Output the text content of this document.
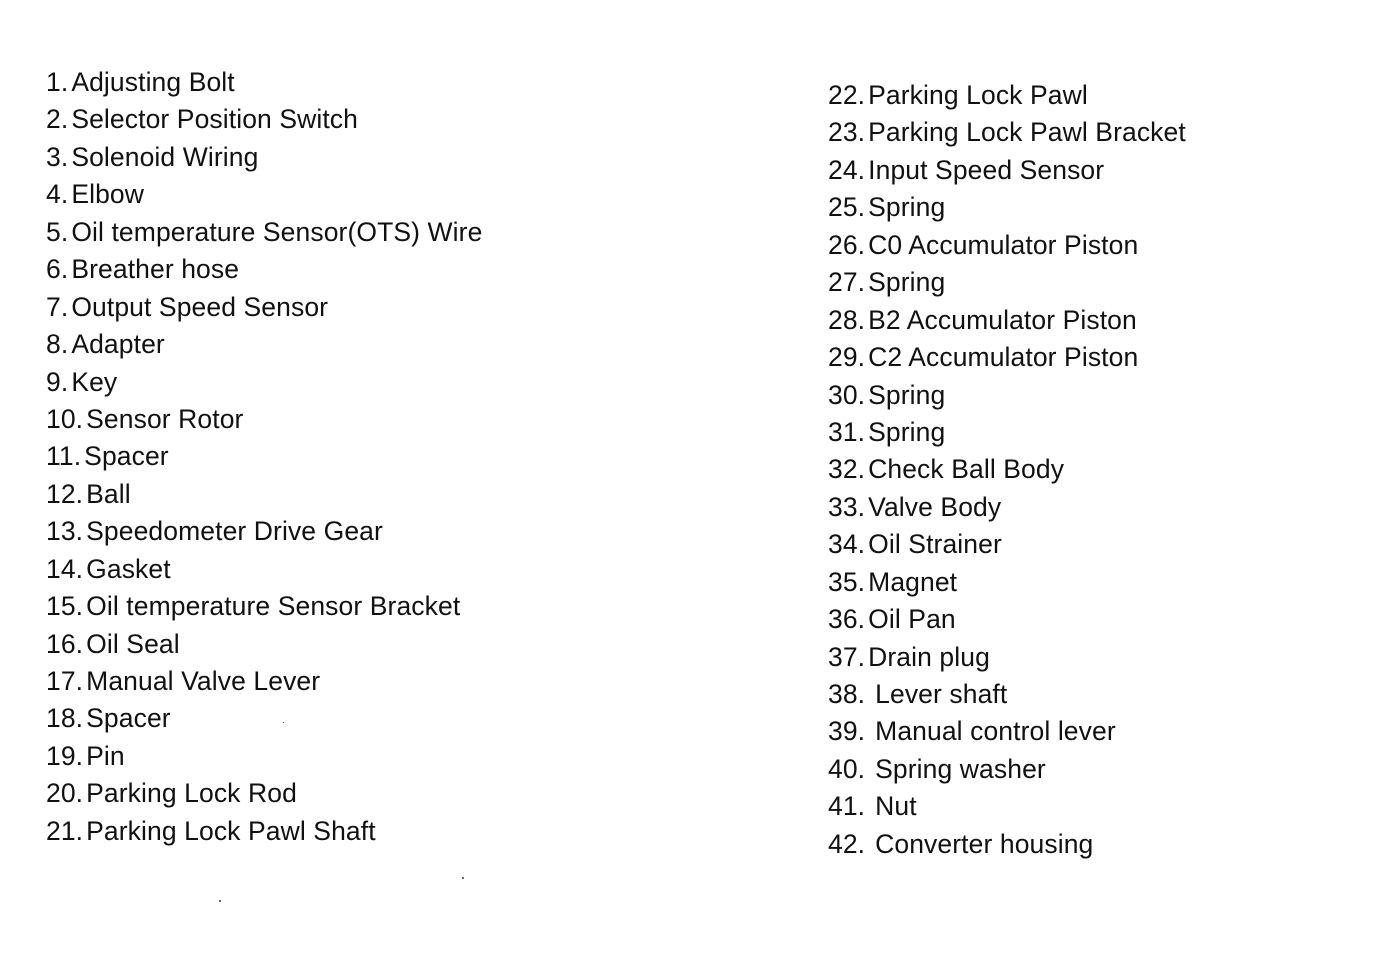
1. Adjusting Bolt
2. Selector Position Switch
3. Solenoid Wiring
4. Elbow
5. Oil temperature Sensor(OTS) Wire
6. Breather hose
7. Output Speed Sensor
8. Adapter
9. Key
10. Sensor Rotor
11. Spacer
12. Ball
13. Speedometer Drive Gear
14. Gasket
15. Oil temperature Sensor Bracket
16. Oil Seal
17. Manual Valve Lever
18. Spacer
19. Pin
20. Parking Lock Rod
21. Parking Lock Pawl Shaft
22. Parking Lock Pawl
23. Parking Lock Pawl Bracket
24. Input Speed Sensor
25. Spring
26. C0 Accumulator Piston
27. Spring
28. B2 Accumulator Piston
29. C2 Accumulator Piston
30. Spring
31. Spring
32. Check Ball Body
33. Valve Body
34. Oil Strainer
35. Magnet
36. Oil Pan
37. Drain plug
38. Lever shaft
39. Manual control lever
40. Spring washer
41. Nut
42. Converter housing
